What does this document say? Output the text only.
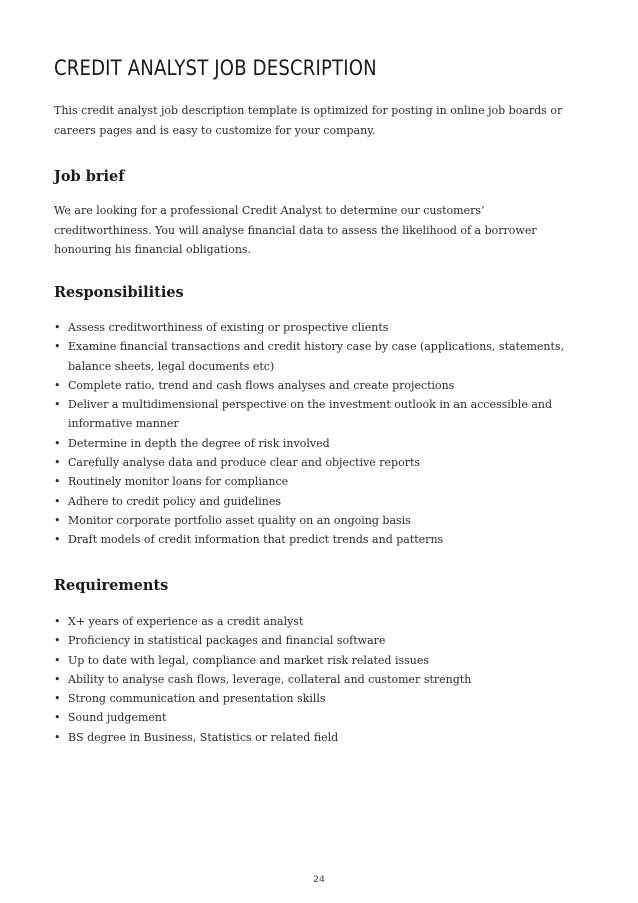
CREDIT ANALYST JOB DESCRIPTION

This credit analyst job description template is optimized for posting in online job boards or careers pages and is easy to customize for your company.

Job brief

We are looking for a professional Credit Analyst to determine our customers’ creditworthiness. You will analyse financial data to assess the likelihood of a borrower honouring his financial obligations.

Responsibilities
• Assess creditworthiness of existing or prospective clients
• Examine financial transactions and credit history case by case (applications, statements, balance sheets, legal documents etc)
• Complete ratio, trend and cash flows analyses and create projections
• Deliver a multidimensional perspective on the investment outlook in an accessible and informative manner
• Determine in depth the degree of risk involved
• Carefully analyse data and produce clear and objective reports
• Routinely monitor loans for compliance
• Adhere to credit policy and guidelines
• Monitor corporate portfolio asset quality on an ongoing basis
• Draft models of credit information that predict trends and patterns
Requirements
• X+ years of experience as a credit analyst
• Proficiency in statistical packages and financial software
• Up to date with legal, compliance and market risk related issues
• Ability to analyse cash flows, leverage, collateral and customer strength
• Strong communication and presentation skills
• Sound judgement
• BS degree in Business, Statistics or related field
24
